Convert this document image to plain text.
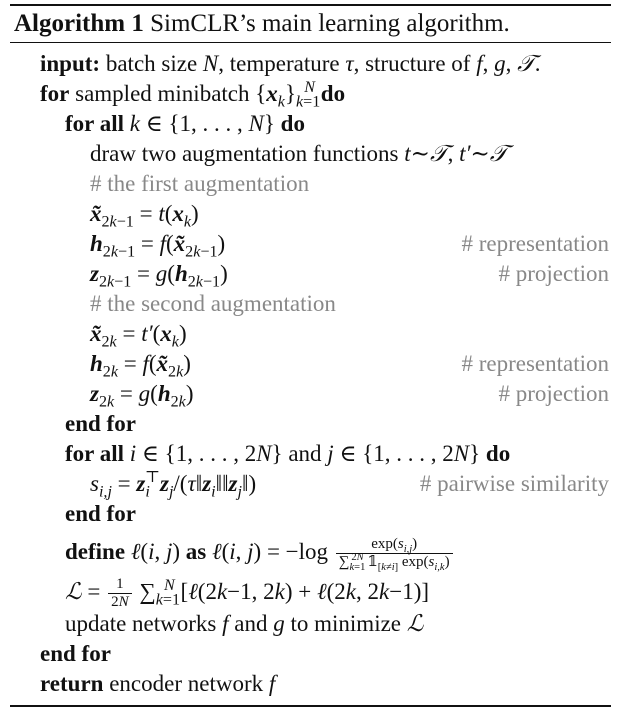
Algorithm 1 SimCLR’s main learning algorithm.
input: batch size N, temperature τ, structure of f, g, 𝒯.
for sampled minibatch $\{x_k\}_{k=1}^N$ do
for all k ∈ {1, . . . , N} do
draw two augmentation functions t∼𝒯, t′∼𝒯
# the first augmentation
$x̃_{2k-1} = t(x_k)$
$h_{2k-1}$ = $f(x̃_{2k-1})$	# representation
$z_{2k-1} = g(h_{2k-1})$	# projection
# the second augmentation
$x̃_{2k} = t'(x_k)$
$h_{2k}$ = $f(x̃_{2k})$	# representation
$z_{2k} = g(h_{2k})$	# projection
end for
for all i ∈ {1, . . . , 2N} and j ∈ {1, . . . , 2N} do
$s_{i,j}$ = $z_i^⊤z_j/(\tau‖z_i‖‖z_j‖)$	# pairwise similarity
end for
define ℓ(i, j) as ℓ(i, $j) = -\log \frac{\exp(s_{i,j})}{\sum_{k=1}^{2N} 𝟙_{[k\ne i]} \exp(s_{i,k})}$
ℒ = $\frac{1}{2N} \sum_{k=1}^N$ [ℓ(2k−1, 2k) + ℓ(2k, 2k−1)]
update networks f and g to minimize ℒ
end for
return encoder network f
